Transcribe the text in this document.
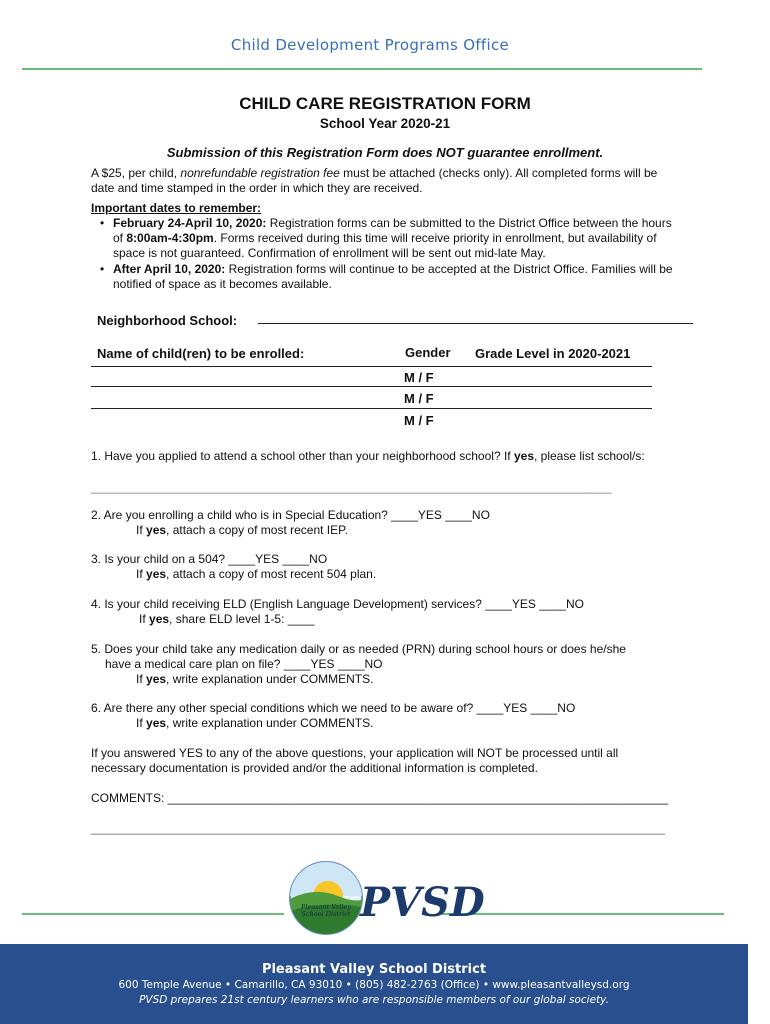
Child Development Programs Office
CHILD CARE REGISTRATION FORM
School Year 2020-21
Submission of this Registration Form does NOT guarantee enrollment.
A $25, per child, nonrefundable registration fee must be attached (checks only). All completed forms will be date and time stamped in the order in which they are received.
Important dates to remember:
• February 24-April 10, 2020: Registration forms can be submitted to the District Office between the hours of 8:00am-4:30pm. Forms received during this time will receive priority in enrollment, but availability of space is not guaranteed. Confirmation of enrollment will be sent out mid-late May.
• After April 10, 2020: Registration forms will continue to be accepted at the District Office. Families will be notified of space as it becomes available.
Neighborhood School:
Name of child(ren) to be enrolled:	Gender Grade Level in 2020-2021
M / F
M / F
M / F
1. Have you applied to attend a school other than your neighborhood school? If yes, please list school/s:
______________________________________________________________________________
2. Are you enrolling a child who is in Special Education? ____YES ____NO
If yes, attach a copy of most recent IEP.
3. Is your child on a 504? ____YES ____NO
If yes, attach a copy of most recent 504 plan.
4. Is your child receiving ELD (English Language Development) services? ____YES ____NO
If yes, share ELD level 1-5: ____
5. Does your child take any medication daily or as needed (PRN) during school hours or does he/she
have a medical care plan on file? ____YES ____NO
If yes, write explanation under COMMENTS.
6. Are there any other special conditions which we need to be aware of? ____YES ____NO
If yes, write explanation under COMMENTS.
If you answered YES to any of the above questions, your application will NOT be processed until all necessary documentation is provided and/or the additional information is completed.
COMMENTS: ___________________________________________________________________________
______________________________________________________________________________________
Pleasant Valley
School District PVSD
Pleasant Valley School District
600 Temple Avenue • Camarillo, CA 93010 • (805) 482-2763 (Office) • www.pleasantvalleysd.org
PVSD prepares 21st century learners who are responsible members of our global society.
